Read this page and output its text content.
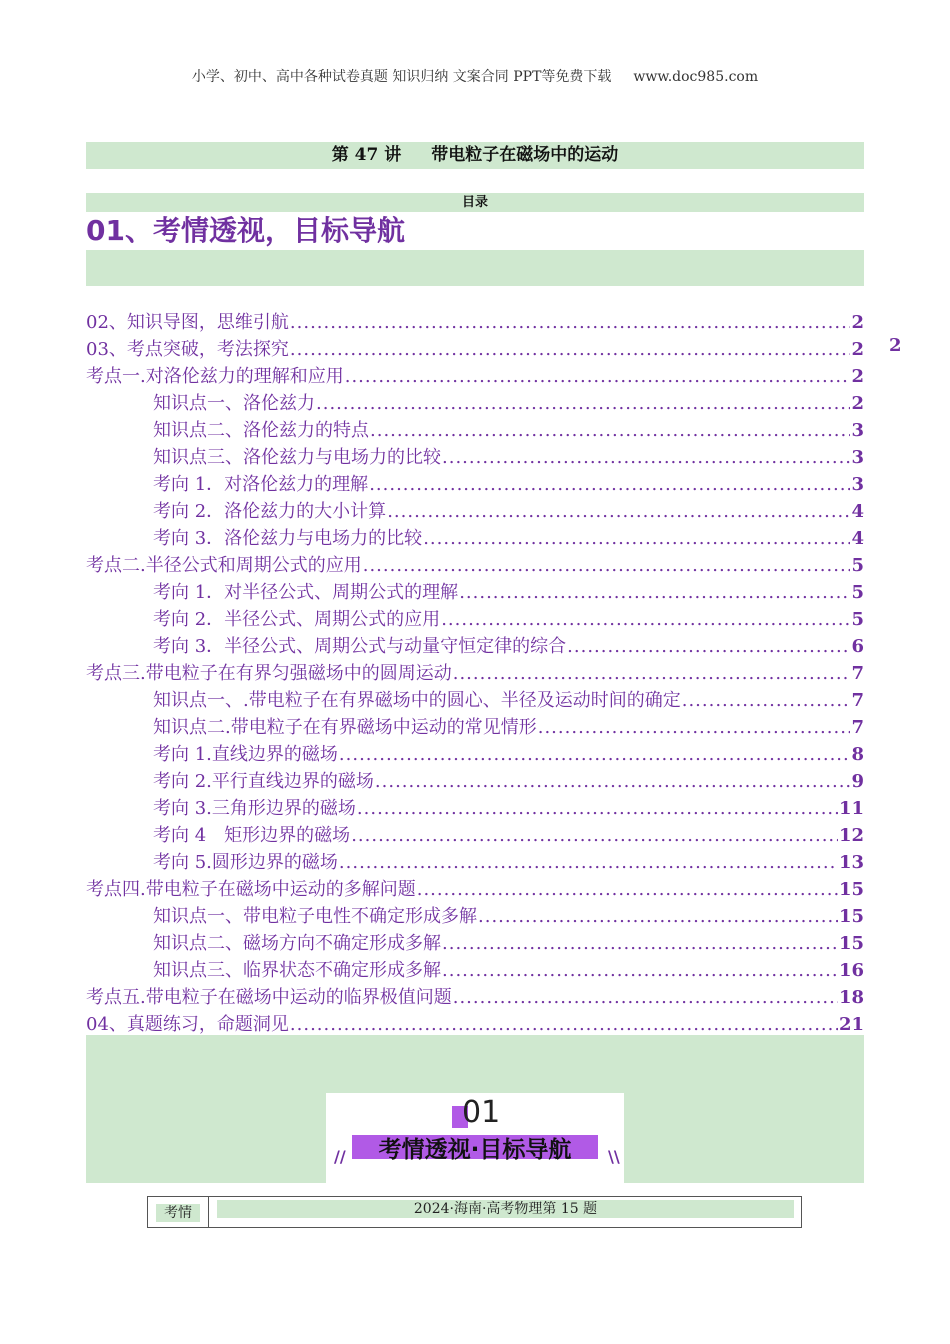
小学、初中、高中各种试卷真题 知识归纳 文案合同 PPT等免费下载 www.doc985.com
第 47 讲 带电粒子在磁场中的运动
目录
01、考情透视，目标导航
02、知识导图，思维引航 .....	2
03、考点突破，考法探究 .....	2
考点一.对洛伦兹力的理解和应用 .....	2
知识点一、洛伦兹力 .....	2
知识点二、洛伦兹力的特点 .....	3
知识点三、洛伦兹力与电场力的比较 .....	3
考向 1．对洛伦兹力的理解 .....	3
考向 2．洛伦兹力的大小计算 .....	4
考向 3．洛伦兹力与电场力的比较 .....	4
考点二.半径公式和周期公式的应用 .....	5
考向 1．对半径公式、周期公式的理解 .....	5
考向 2．半径公式、周期公式的应用 .....	5
考向 3．半径公式、周期公式与动量守恒定律的综合 .....	6
考点三.带电粒子在有界匀强磁场中的圆周运动 .....	7
知识点一、.带电粒子在有界磁场中的圆心、半径及运动时间的确定 .....	7
知识点二.带电粒子在有界磁场中运动的常见情形 .....	7
考向 1.直线边界的磁场 .....	8
考向 2.平行直线边界的磁场 .....	9
考向 3.三角形边界的磁场 .....	11
考向 4　矩形边界的磁场 .....	12
考向 5.圆形边界的磁场 .....	13
考点四.带电粒子在磁场中运动的多解问题 .....	15
知识点一、带电粒子电性不确定形成多解 .....	15
知识点二、磁场方向不确定形成多解 .....	15
知识点三、临界状态不确定形成多解 .....	16
考点五.带电粒子在磁场中运动的临界极值问题 .....	18
04、真题练习，命题洞见 .....	21
2
01
考情透视·目标导航
//	\\
考情	2024·海南·高考物理第 15 题
